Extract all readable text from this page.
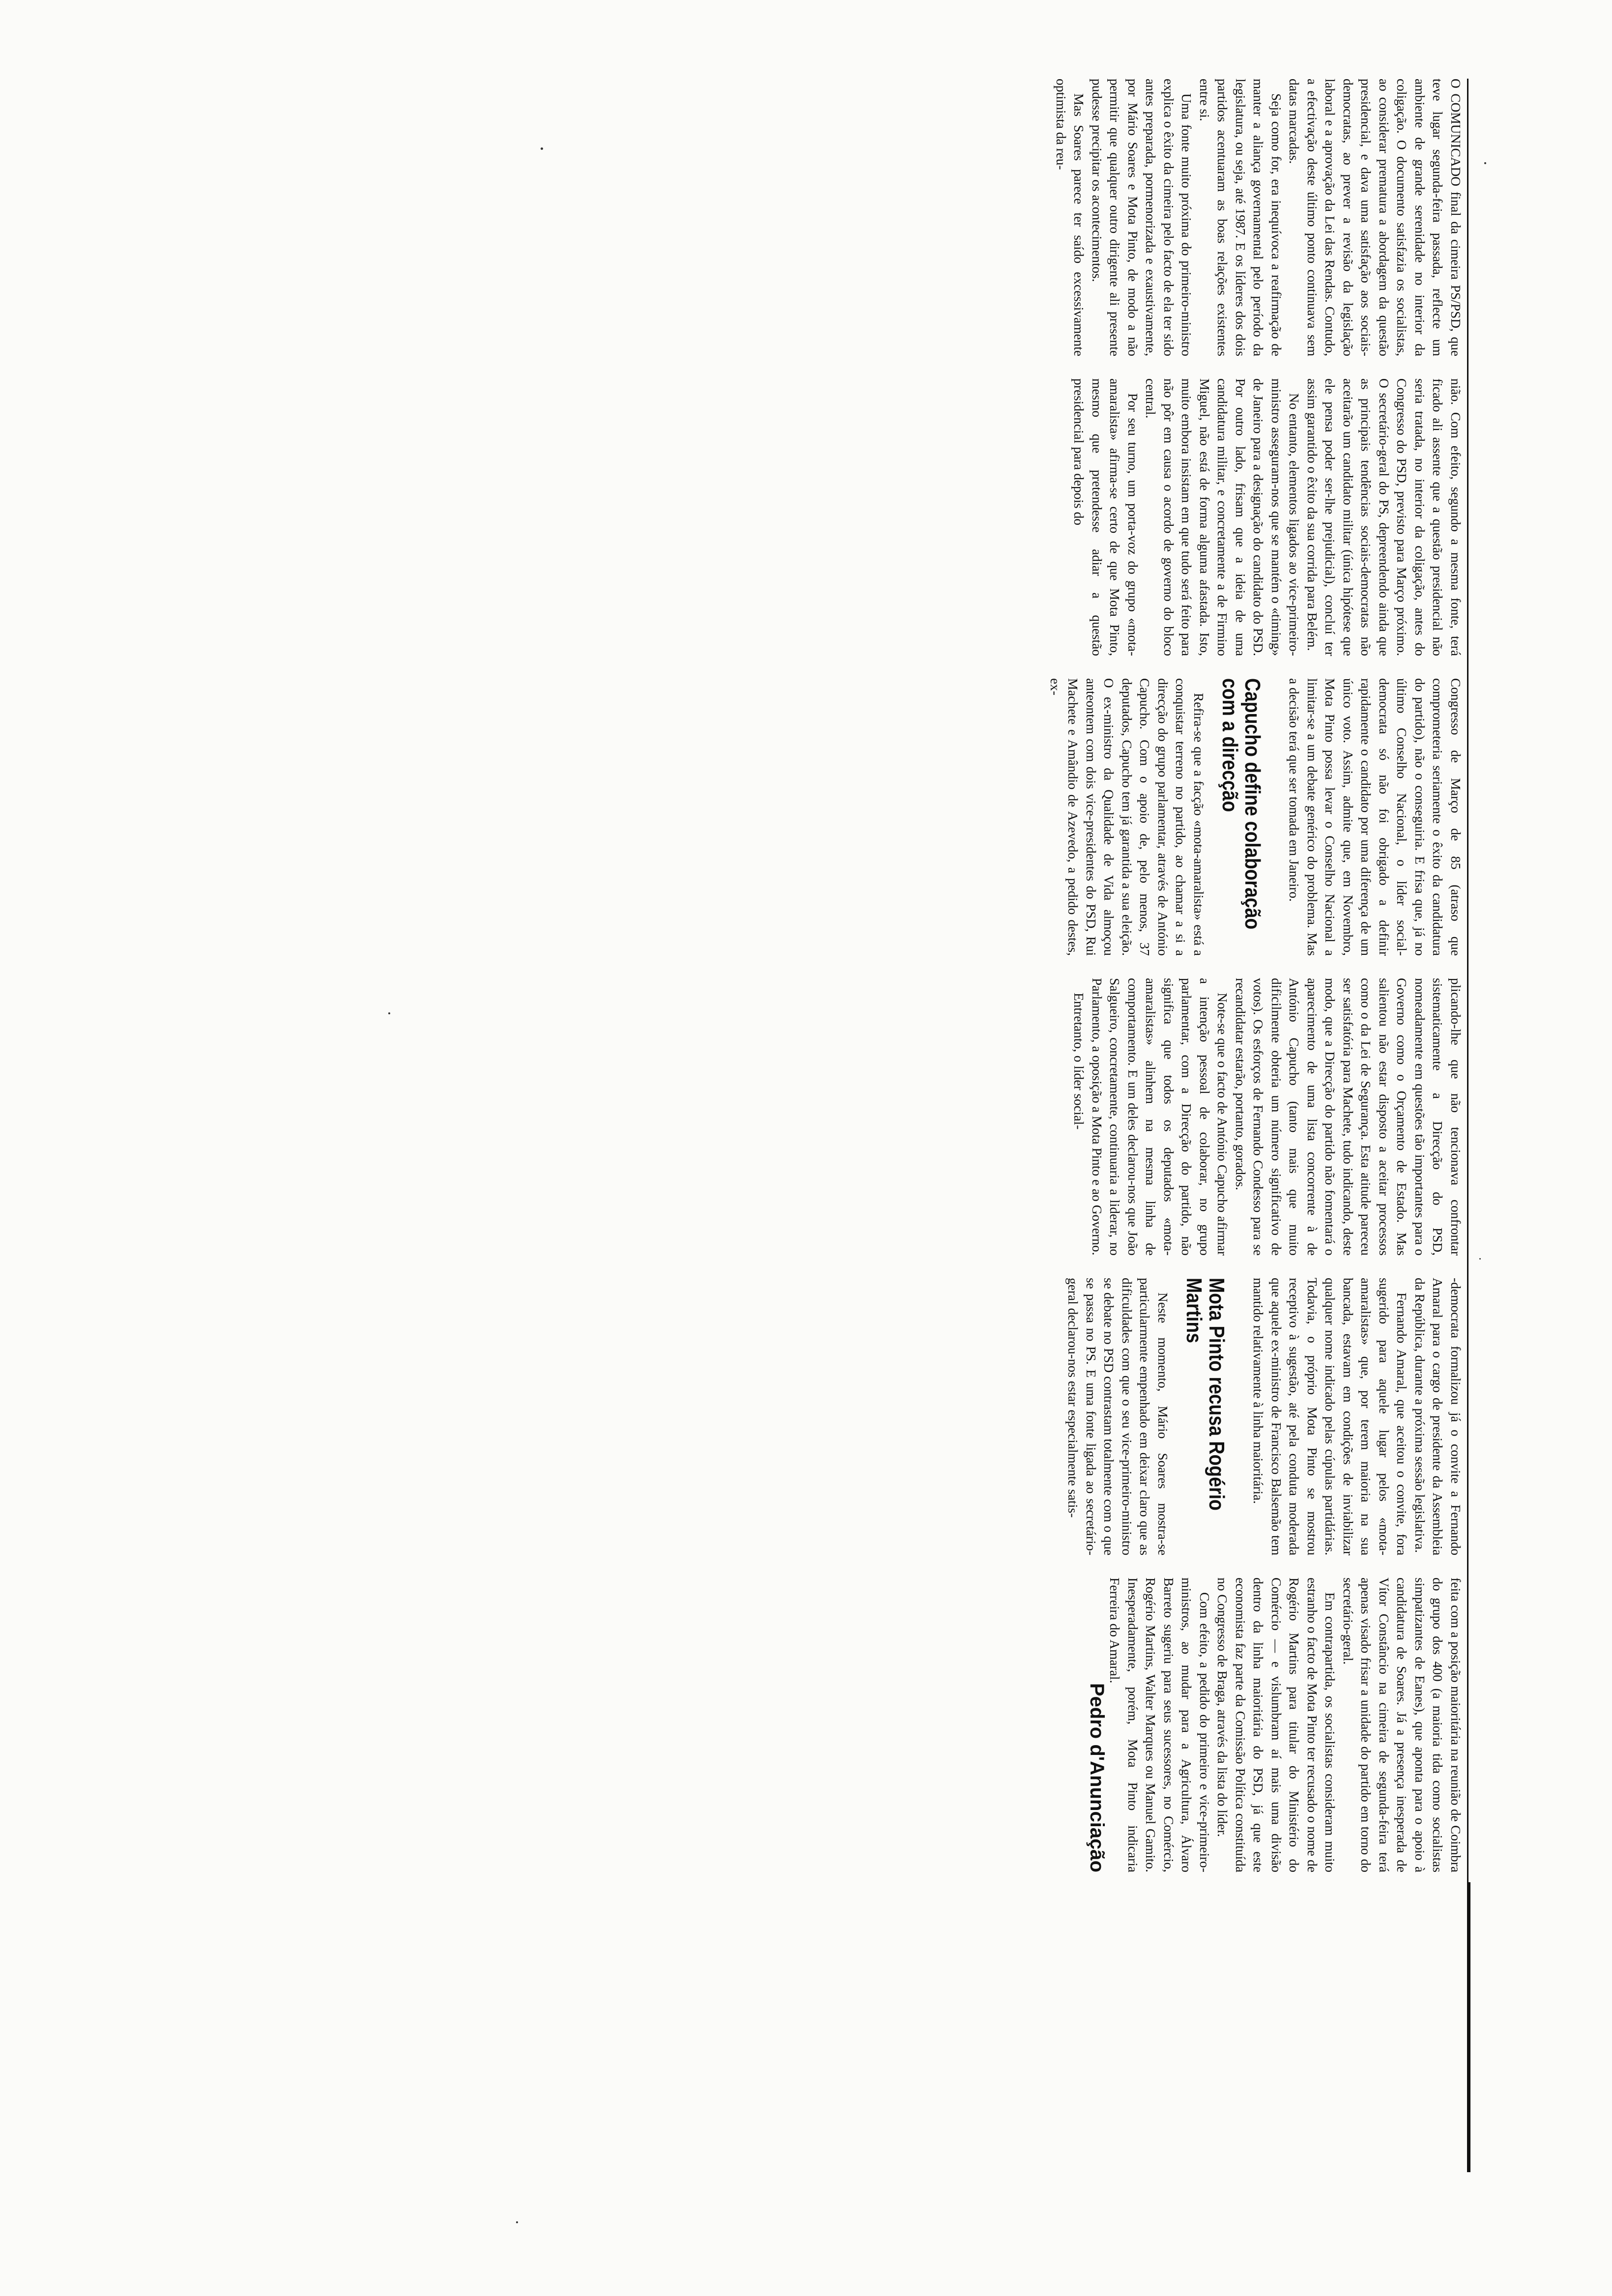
O COMUNICADO final da cimeira PS/PSD, que teve lugar segunda-feira passada, reflecte um ambiente de grande serenidade no interior da coligação. O documento satisfazia os socialistas, ao considerar prematura a abordagem da questão presidencial, e dava uma satisfação aos sociais-democratas, ao prever a revisão da legislação laboral e a aprovação da Lei das Rendas. Contudo, a efectivação deste último ponto continuava sem datas marcadas.

Seja como for, era inequívoca a reafirmação de manter a aliança governamental pelo período da legislatura, ou seja, até 1987. E os líderes dos dois partidos acentuaram as boas relações existentes entre si.

Uma fonte muito próxima do primeiro-ministro explica o êxito da cimeira pelo facto de ela ter sido antes preparada, pormenorizada e exaustivamente, por Mário Soares e Mota Pinto, de modo a não permitir que qualquer outro dirigente ali presente pudesse precipitar os acontecimentos.

Mas Soares parece ter saído excessivamente optimista da reu-

nião. Com efeito, segundo a mesma fonte, terá ficado ali assente que a questão presidencial não seria tratada, no interior da coligação, antes do Congresso do PSD, previsto para Março próximo. O secretário-geral do PS, depreendendo ainda que as principais tendências sociais-democratas não aceitarão um candidato militar (única hipótese que ele pensa poder ser-lhe prejudicial), concluí ter assim garantido o êxito da sua corrida para Belém.

No entanto, elementos ligados ao vice-primeiro-ministro asseguram-nos que se mantém o «timing» de Janeiro para a designação do candidato do PSD. Por outro lado, frisam que a ideia de uma candidatura militar, e concretamente a de Firmino Miguel, não está de forma alguma afastada. Isto, muito embora insistam em que tudo será feito para não pôr em causa o acordo de governo do bloco central.

Por seu turno, um porta-voz do grupo «mota-amaralista» afirma-se certo de que Mota Pinto, mesmo que pretendesse adiar a questão presidencial para depois do

Congresso de Março de 85 (atraso que comprometeria seriamente o êxito da candidatura do partido), não o conseguiria. E frisa que, já no último Conselho Nacional, o líder social-democrata só não foi obrigado a definir rapidamente o candidato por uma diferença de um único voto. Assim, admite que, em Novembro, Mota Pinto possa levar o Conselho Nacional a limitar-se a um debate genérico do problema. Mas a decisão terá que ser tomada em Janeiro.

Capucho define colaboração com a direcção

Refira-se que a facção «mota-amaralista» está a conquistar terreno no partido, ao chamar a si a direcção do grupo parlamentar, através de António Capucho. Com o apoio de, pelo menos, 37 deputados, Capucho tem já garantida a sua eleição. O ex-ministro da Qualidade de Vida almoçou anteontem com dois vice-presidentes do PSD, Rui Machete e Amândio de Azevedo, a pedido destes, ex-

plicando-lhe que não tencionava confrontar sistematicamente a Direcção do PSD, nomeadamente em questões tão importantes para o Governo como o Orçamento de Estado. Mas salientou não estar disposto a aceitar processos como o da Lei de Segurança. Esta atitude pareceu ser satisfatória para Machete, tudo indicando, deste modo, que a Direcção do partido não fomentará o aparecimento de uma lista concorrente à de António Capucho (tanto mais que muito dificilmente obteria um número significativo de votos). Os esforços de Fernando Condesso para se recandidatar estarão, portanto, gorados.

Note-se que o facto de António Capucho afirmar a intenção pessoal de colaborar, no grupo parlamentar, com a Direcção do partido, não significa que todos os deputados «mota-amaralistas» alinhem na mesma linha de comportamento. E um deles declarou-nos que João Salgueiro, concretamente, continuaria a liderar, no Parlamento, a oposição a Mota Pinto e ao Governo.

Entretanto, o líder social-

-democrata formalizou já o convite a Fernando Amaral para o cargo de presidente da Assembleia da República, durante a próxima sessão legislativa.

Fernando Amaral, que aceitou o convite, fora sugerido para aquele lugar pelos «mota-amaralistas» que, por terem maioria na sua bancada, estavam em condições de inviabilizar qualquer nome indicado pelas cúpulas partidárias. Todavia, o próprio Mota Pinto se mostrou receptivo à sugestão, até pela conduta moderada que aquele ex-ministro de Francisco Balsemão tem mantido relativamente à linha maioritária.

Mota Pinto recusa Rogério Martins

Neste momento, Mário Soares mostra-se particularmente empenhado em deixar claro que as dificuldades com que o seu vice-primeiro-ministro se debate no PSD contrastam totalmente com o que se passa no PS. E uma fonte ligada ao secretário-geral declarou-nos estar especialmente satis-

feita com a posição maioritária na reunião de Coimbra do grupo dos 400 (a maioria tida como socialistas simpatizantes de Eanes), que aponta para o apoio à candidatura de Soares. Já a presença inesperada de Vítor Constâncio na cimeira de segunda-feira terá apenas visado frisar a unidade do partido em torno do secretário-geral.

Em contrapartida, os socialistas consideram muito estranho o facto de Mota Pinto ter recusado o nome de Rogério Martins para titular do Ministério do Comércio — e vislumbram aí mais uma divisão dentro da linha maioritária do PSD, já que este economista faz parte da Comissão Política constituída no Congresso de Braga, através da lista do líder.

Com efeito, a pedido do primeiro e vice-primeiro-ministros, ao mudar para a Agricultura, Álvaro Barreto sugeriu para seus sucessores, no Comércio, Rogério Martins, Walter Marques ou Manuel Gamito. Inesperadamente, porém, Mota Pinto indicaria Ferreira do Amaral.

Pedro d'Anunciação
